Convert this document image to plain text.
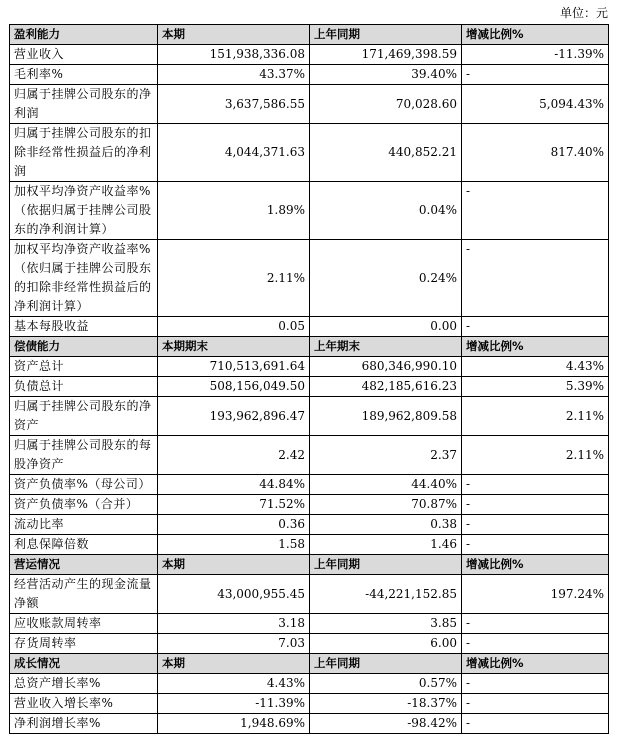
单位：元
盈利能力	本期	上年同期	增减比例%
营业收入	151,938,336.08	171,469,398.59	-11.39%
毛利率%	43.37%	39.40%	-
归属于挂牌公司股东的净利润	3,637,586.55	70,028.60	5,094.43%
归属于挂牌公司股东的扣除非经常性损益后的净利润	4,044,371.63	440,852.21	817.40%
加权平均净资产收益率%（依据归属于挂牌公司股东的净利润计算）	1.89%	0.04%	-
加权平均净资产收益率%（依归属于挂牌公司股东的扣除非经常性损益后的净利润计算）	2.11%	0.24%	-
基本每股收益	0.05	0.00	-
偿债能力	本期期末	上年期末	增减比例%
资产总计	710,513,691.64	680,346,990.10	4.43%
负债总计	508,156,049.50	482,185,616.23	5.39%
归属于挂牌公司股东的净资产	193,962,896.47	189,962,809.58	2.11%
归属于挂牌公司股东的每股净资产	2.42	2.37	2.11%
资产负债率%（母公司）	44.84%	44.40%	-
资产负债率%（合并）	71.52%	70.87%	-
流动比率	0.36	0.38	-
利息保障倍数	1.58	1.46	-
营运情况	本期	上年同期	增减比例%
经营活动产生的现金流量净额	43,000,955.45	-44,221,152.85	197.24%
应收账款周转率	3.18	3.85	-
存货周转率	7.03	6.00	-
成长情况	本期	上年同期	增减比例%
总资产增长率%	4.43%	0.57%	-
营业收入增长率%	-11.39%	-18.37%	-
净利润增长率%	1,948.69%	-98.42%	-
